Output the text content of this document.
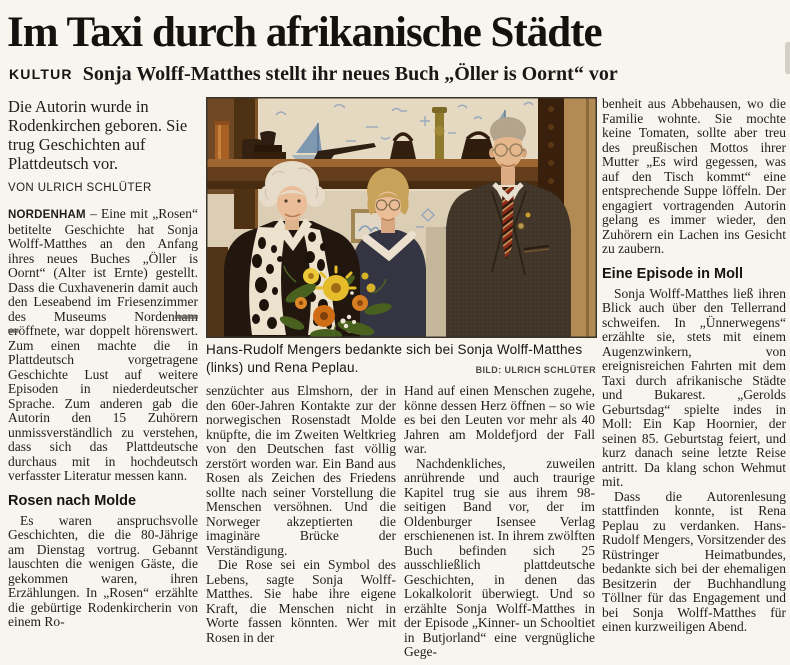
Im Taxi durch afrikanische Städte
KULTUR Sonja Wolff-Matthes stellt ihr neues Buch „Öller is Oornt“ vor

Die Autorin wurde in Rodenkirchen geboren. Sie trug Geschichten auf Plattdeutsch vor.

VON ULRICH SCHLÜTER

NORDENHAM – Eine mit „Rosen“ betitelte Geschichte hat Sonja Wolff-Matthes an den Anfang ihres neues Buches „Öller is Oornt“ (Alter ist Ernte) gestellt. Dass die Cuxhavenerin damit auch den Leseabend im Friesenzimmer des Museums Nordenham eröffnete, war doppelt hörenswert. Zum einen machte die in Plattdeutsch vorgetragene Geschichte Lust auf weitere Episoden in niederdeutscher Sprache. Zum anderen gab die Autorin den 15 Zuhörern unmissverständlich zu verstehen, dass sich das Plattdeutsche durchaus mit in hochdeutsch verfasster Literatur messen kann.

Rosen nach Molde

Es waren anspruchsvolle Geschichten, die die 80-Jährige am Dienstag vortrug. Gebannt lauschten die wenigen Gäste, die gekommen waren, ihren Erzählungen. In „Rosen“ erzählte die gebürtige Rodenkircherin von einem Ro-

Hans-Rudolf Mengers bedankte sich bei Sonja Wolff-Matthes (links) und Rena Peplau.	BILD: ULRICH SCHLÜTER

senzüchter aus Elmshorn, der in den 60er-Jahren Kontakte zur der norwegischen Rosenstadt Molde knüpfte, die im Zweiten Weltkrieg von den Deutschen fast völlig zerstört worden war. Ein Band aus Rosen als Zeichen des Friedens sollte nach seiner Vorstellung die Menschen versöhnen. Und die Norweger akzeptierten die imaginäre Brücke der Verständigung.

Die Rose sei ein Symbol des Lebens, sagte Sonja Wolff-Matthes. Sie habe ihre eigene Kraft, die Menschen nicht in Worte fassen könnten. Wer mit Rosen in der

Hand auf einen Menschen zugehe, könne dessen Herz öffnen – so wie es bei den Leuten vor mehr als 40 Jahren am Moldefjord der Fall war.

Nachdenkliches, zuweilen anrührende und auch traurige Kapitel trug sie aus ihrem 98-seitigen Band vor, der im Oldenburger Isensee Verlag erschienenen ist. In ihrem zwölften Buch befinden sich 25 ausschließlich plattdeutsche Geschichten, in denen das Lokalkolorit überwiegt. Und so erzählte Sonja Wolff-Matthes in der Episode „Kinner- un Schooltiet in Butjorland“ eine vergnügliche Gege-

benheit aus Abbehausen, wo die Familie wohnte. Sie mochte keine Tomaten, sollte aber treu des preußischen Mottos ihrer Mutter „Es wird gegessen, was auf den Tisch kommt“ eine entsprechende Suppe löffeln. Der engagiert vortragenden Autorin gelang es immer wieder, den Zuhörern ein Lachen ins Gesicht zu zaubern.

Eine Episode in Moll

Sonja Wolff-Matthes ließ ihren Blick auch über den Tellerrand schweifen. In „Ünnerwegens“ erzählte sie, stets mit einem Augenzwinkern, von ereignisreichen Fahrten mit dem Taxi durch afrikanische Städte und Bukarest. „Gerolds Geburtsdag“ spielte indes in Moll: Ein Kap Hoornier, der seinen 85. Geburtstag feiert, und kurz danach seine letzte Reise antritt. Da klang schon Wehmut mit.

Dass die Autorenlesung stattfinden konnte, ist Rena Peplau zu verdanken. Hans-Rudolf Mengers, Vorsitzender des Rüstringer Heimatbundes, bedankte sich bei der ehemaligen Besitzerin der Buchhandlung Töllner für das Engagement und bei Sonja Wolff-Matthes für einen kurzweiligen Abend.
